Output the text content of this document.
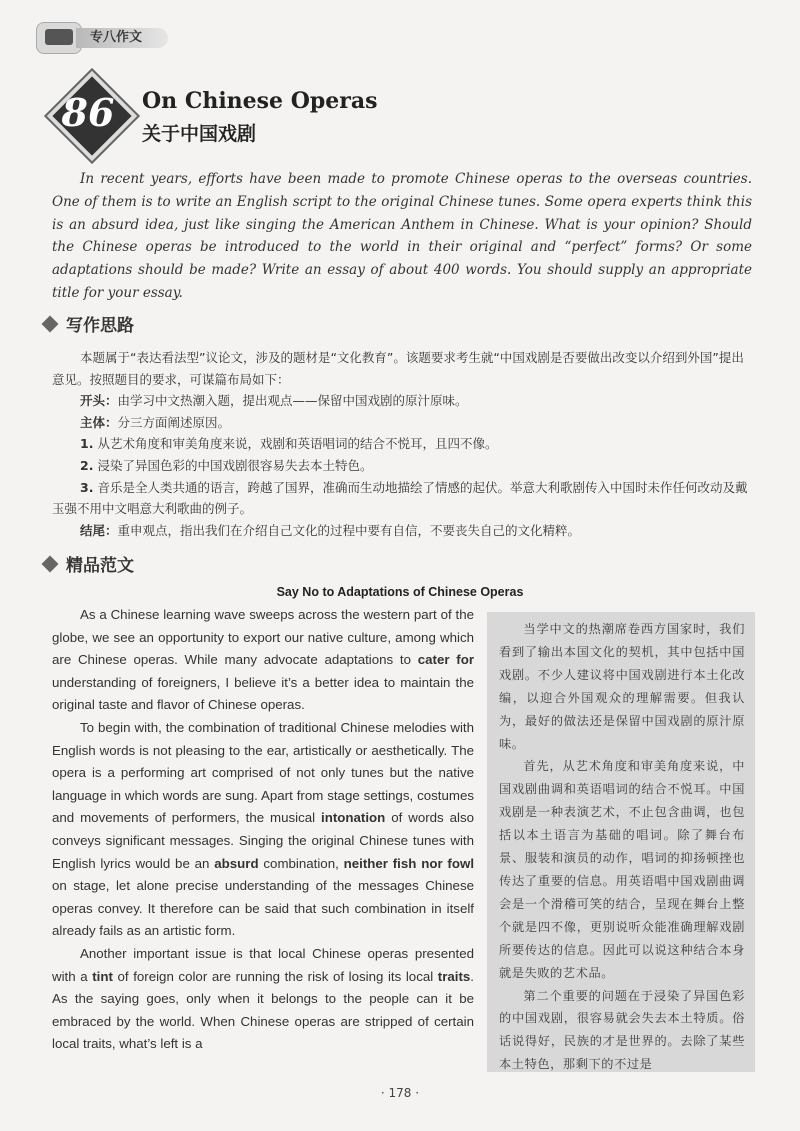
专八作文
86	On Chinese Operas
关于中国戏剧

In recent years, efforts have been made to promote Chinese operas to the overseas countries. One of them is to write an English script to the original Chinese tunes. Some opera experts think this is an absurd idea, just like singing the American Anthem in Chinese. What is your opinion? Should the Chinese operas be introduced to the world in their original and “perfect” forms? Or some adaptations should be made? Write an essay of about 400 words. You should supply an appropriate title for your essay.

写作思路

本题属于“表达看法型”议论文，涉及的题材是“文化教育”。该题要求考生就“中国戏剧是否要做出改变以介绍到外国”提出意见。按照题目的要求，可谋篇布局如下：

开头：由学习中文热潮入题，提出观点——保留中国戏剧的原汁原味。

主体：分三方面阐述原因。

1. 从艺术角度和审美角度来说，戏剧和英语唱词的结合不悦耳，且四不像。

2. 浸染了异国色彩的中国戏剧很容易失去本土特色。

3. 音乐是全人类共通的语言，跨越了国界，准确而生动地描绘了情感的起伏。举意大利歌剧传入中国时未作任何改动及戴玉强不用中文唱意大利歌曲的例子。

结尾：重申观点，指出我们在介绍自己文化的过程中要有自信，不要丧失自己的文化精粹。

精品范文
Say No to Adaptations of Chinese Operas

As a Chinese learning wave sweeps across the western part of the globe, we see an opportunity to export our native culture, among which are Chinese operas. While many advocate adaptations to cater for understanding of foreigners, I believe it’s a better idea to maintain the original taste and flavor of Chinese operas.

To begin with, the combination of traditional Chinese melodies with English words is not pleasing to the ear, artistically or aesthetically. The opera is a performing art comprised of not only tunes but the native language in which words are sung. Apart from stage settings, costumes and movements of performers, the musical intonation of words also conveys significant messages. Singing the original Chinese tunes with English lyrics would be an absurd combination, neither fish nor fowl on stage, let alone precise understanding of the messages Chinese operas convey. It therefore can be said that such combination in itself already fails as an artistic form.

Another important issue is that local Chinese operas presented with a tint of foreign color are running the risk of losing its local traits. As the saying goes, only when it belongs to the people can it be embraced by the world. When Chinese operas are stripped of certain local traits, what’s left is a

当学中文的热潮席卷西方国家时，我们看到了输出本国文化的契机，其中包括中国戏剧。不少人建议将中国戏剧进行本土化改编，以迎合外国观众的理解需要。但我认为，最好的做法还是保留中国戏剧的原汁原味。

首先，从艺术角度和审美角度来说，中国戏剧曲调和英语唱词的结合不悦耳。中国戏剧是一种表演艺术，不止包含曲调，也包括以本土语言为基础的唱词。除了舞台布景、服装和演员的动作，唱词的抑扬顿挫也传达了重要的信息。用英语唱中国戏剧曲调会是一个滑稽可笑的结合，呈现在舞台上整个就是四不像，更别说听众能准确理解戏剧所要传达的信息。因此可以说这种结合本身就是失败的艺术品。

第二个重要的问题在于浸染了异国色彩的中国戏剧，很容易就会失去本土特质。俗话说得好，民族的才是世界的。去除了某些本土特色，那剩下的不过是

· 178 ·
